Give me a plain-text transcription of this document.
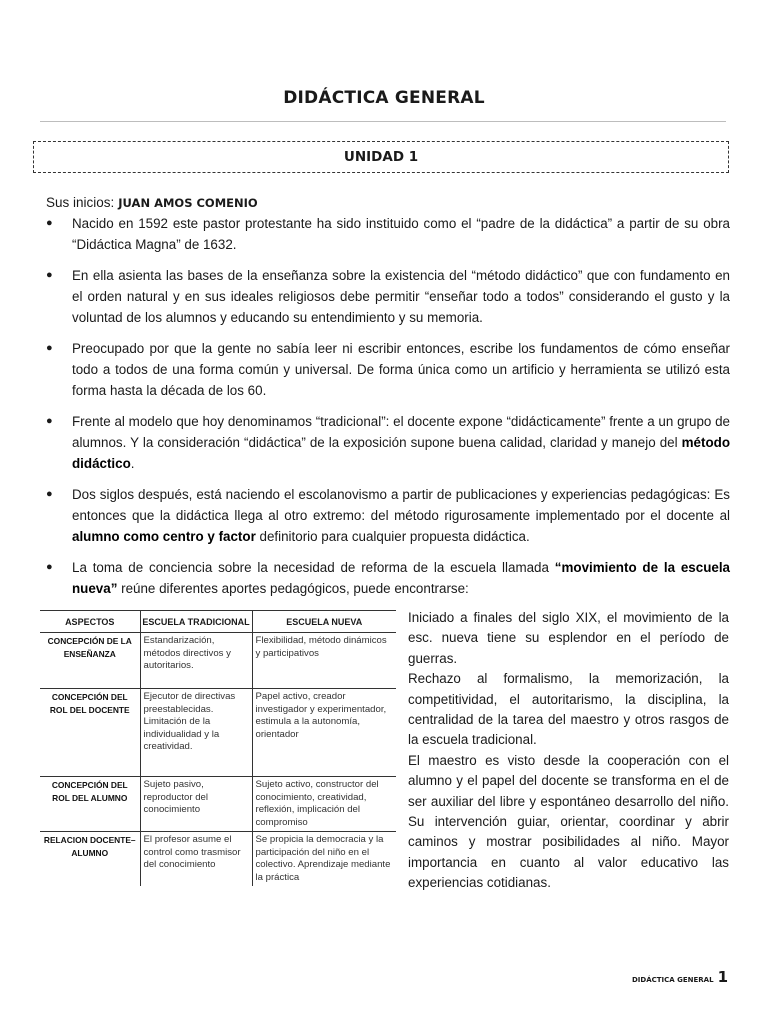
DIDÁCTICA GENERAL
UNIDAD 1
Sus inicios: JUAN AMOS COMENIO
● Nacido en 1592 este pastor protestante ha sido instituido como el “padre de la didáctica” a partir de su obra “Didáctica Magna” de 1632.
● En ella asienta las bases de la enseñanza sobre la existencia del “método didáctico” que con fundamento en el orden natural y en sus ideales religiosos debe permitir “enseñar todo a todos” considerando el gusto y la voluntad de los alumnos y educando su entendimiento y su memoria.
● Preocupado por que la gente no sabía leer ni escribir entonces, escribe los fundamentos de cómo enseñar todo a todos de una forma común y universal. De forma única como un artificio y herramienta se utilizó esta forma hasta la década de los 60.
● Frente al modelo que hoy denominamos “tradicional”: el docente expone “didácticamente” frente a un grupo de alumnos. Y la consideración “didáctica” de la exposición supone buena calidad, claridad y manejo del método didáctico.
● Dos siglos después, está naciendo el escolanovismo a partir de publicaciones y experiencias pedagógicas: Es entonces que la didáctica llega al otro extremo: del método rigurosamente implementado por el docente al alumno como centro y factor definitorio para cualquier propuesta didáctica.
● La toma de conciencia sobre la necesidad de reforma de la escuela llamada “movimiento de la escuela nueva” reúne diferentes aportes pedagógicos, puede encontrarse:
ASPECTOS	ESCUELA TRADICIONAL	ESCUELA NUEVA
CONCEPCIÓN DE LA ENSEÑANZA	Estandarización, métodos directivos y autoritarios.	Flexibilidad, método dinámicos y participativos
CONCEPCIÓN DEL ROL DEL DOCENTE	Ejecutor de directivas preestablecidas. Limitación de la individualidad y la creatividad.	Papel activo, creador investigador y experimentador, estimula a la autonomía, orientador
CONCEPCIÓN DEL ROL DEL ALUMNO	Sujeto pasivo, reproductor del conocimiento	Sujeto activo, constructor del conocimiento, creatividad, reflexión, implicación del compromiso
RELACION DOCENTE–ALUMNO	El profesor asume el control como trasmisor del conocimiento	Se propicia la democracia y la participación del niño en el colectivo. Aprendizaje mediante la práctica

Iniciado a finales del siglo XIX, el movimiento de la esc. nueva tiene su esplendor en el período de guerras.

Rechazo al formalismo, la memorización, la competitividad, el autoritarismo, la disciplina, la centralidad de la tarea del maestro y otros rasgos de la escuela tradicional.

El maestro es visto desde la cooperación con el alumno y el papel del docente se transforma en el de ser auxiliar del libre y espontáneo desarrollo del niño. Su intervención guiar, orientar, coordinar y abrir caminos y mostrar posibilidades al niño. Mayor importancia en cuanto al valor educativo las experiencias cotidianas.

DIDÁCTICA GENERAL 1
